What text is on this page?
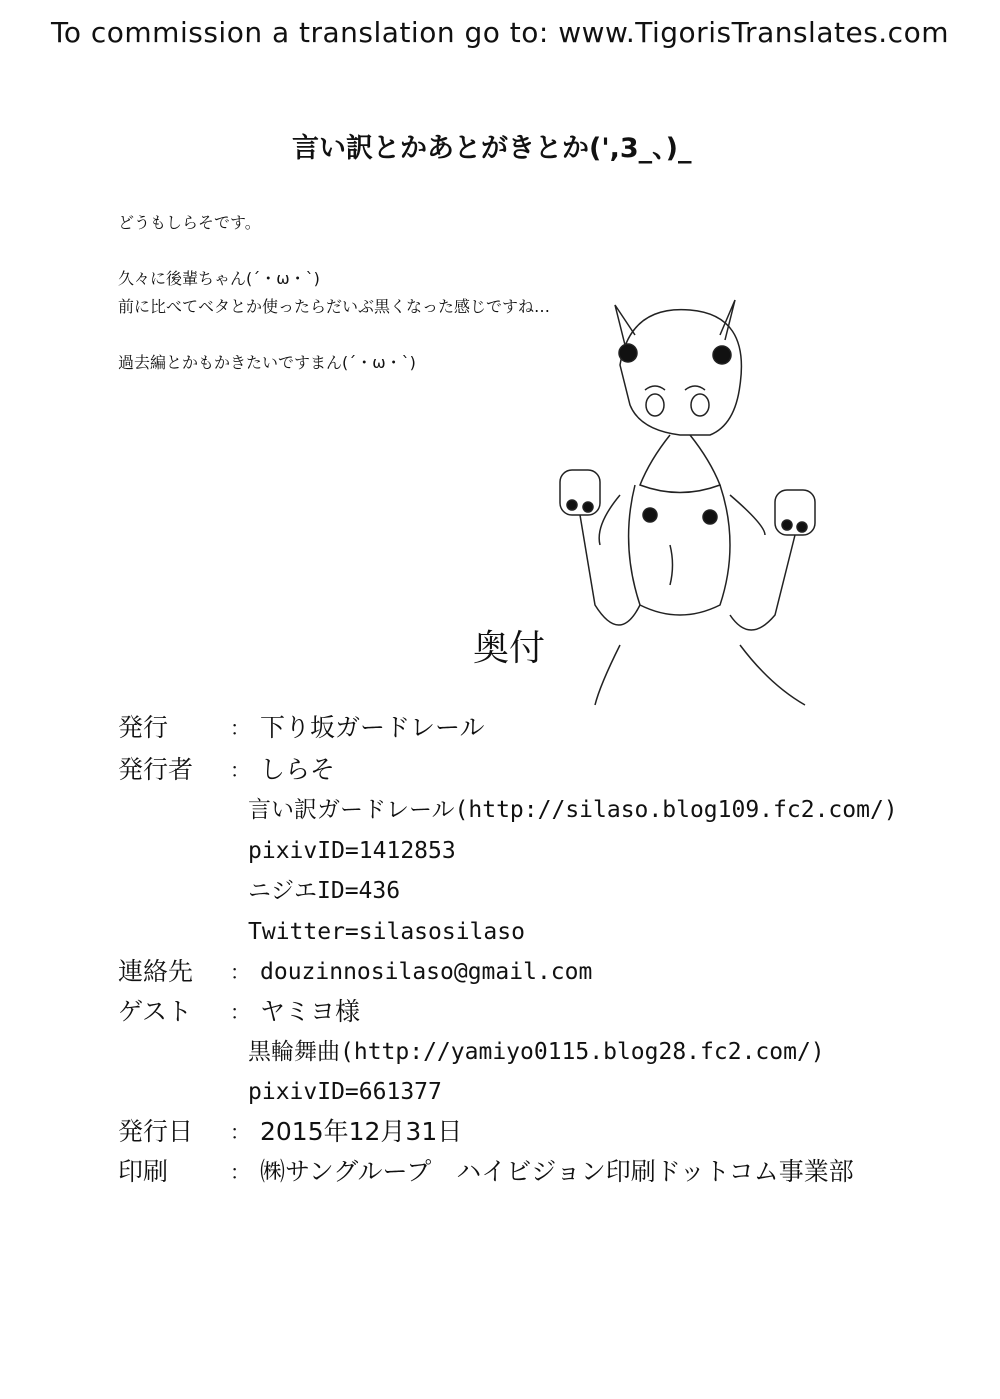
To commission a translation go to: www.TigorisTranslates.com
言い訳とかあとがきとか(',3_、)_
どうもしらそです。
久々に後輩ちゃん(´・ω・`)
前に比べてベタとか使ったらだいぶ黒くなった感じですね…
過去編とかもかきたいですまん(´・ω・`)
奥付
発行	： 下り坂ガードレール
発行者 ： しらそ
言い訳ガードレール(http://silaso.blog109.fc2.com/)
pixivID=1412853
ニジエID=436
Twitter=silasosilaso
連絡先 ： douzinnosilaso@gmail.com
ゲスト ： ヤミヨ様
黒輪舞曲(http://yamiyo0115.blog28.fc2.com/)
pixivID=661377
発行日 ： 2015年12月31日
印刷	： ㈱サングループ　ハイビジョン印刷ドットコム事業部
